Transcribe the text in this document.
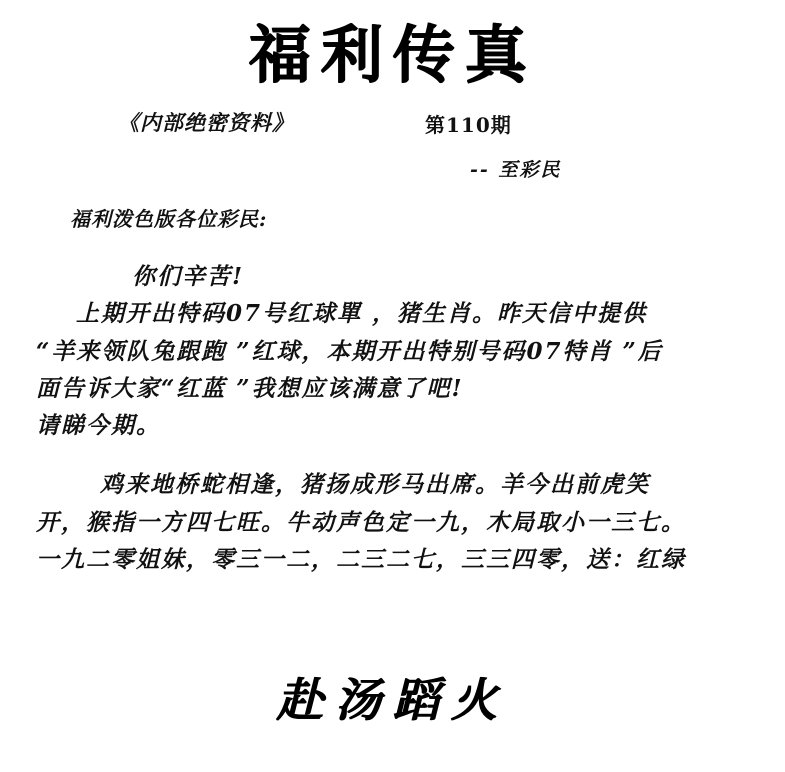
福利传真
《内部绝密资料》	第110期
-- 至彩民
福利泼色版各位彩民:
你们辛苦!
上期开出特码07号红球單 ，猪生肖。昨天信中提供
“羊来领队兔跟跑 ”红球，本期开出特别号码07特肖 ”后
面告诉大家“红蓝 ”我想应该满意了吧!
请睇今期。
鸡来地桥蛇相逢，猪扬成形马出席。羊今出前虎笑
开，猴指一方四七旺。牛动声色定一九，木局取小一三七。
一九二零姐妹，零三一二，二三二七，三三四零，送：红绿
赴汤蹈火
